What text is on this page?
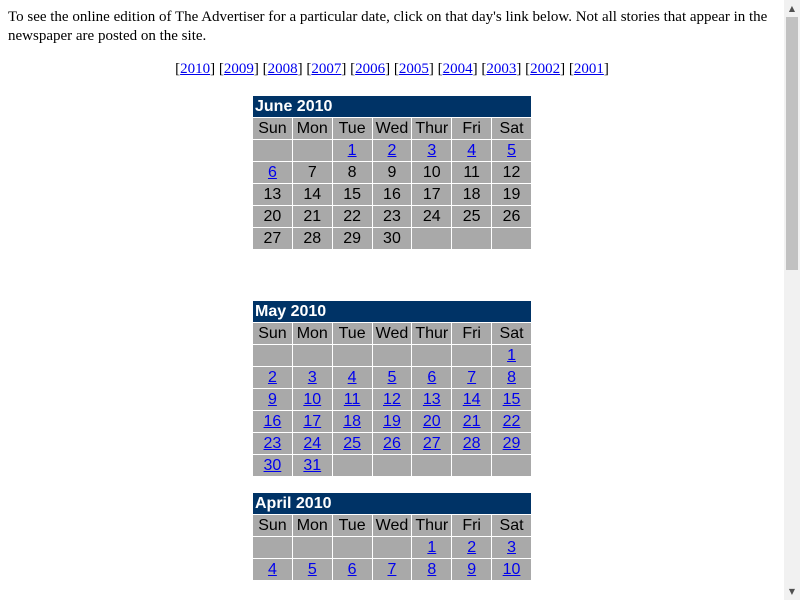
To see the online edition of The Advertiser for a particular date, click on that day's link below. Not all stories that appear in the newspaper are posted on the site.

[2010] [2009] [2008] [2007] [2006] [2005] [2004] [2003] [2002] [2001]
June 2010						
Sun	Mon	Tue	Wed	Thur	Fri	Sat
		1	2	3	4	5
6	7	8	9	10	11	12
13	14	15	16	17	18	19
20	21	22	23	24	25	26
27	28	29	30			
May 2010						
Sun	Mon	Tue	Wed	Thur	Fri	Sat
						1
2	3	4	5	6	7	8
9	10	11	12	13	14	15
16	17	18	19	20	21	22
23	24	25	26	27	28	29
30	31					
April 2010						
Sun	Mon	Tue	Wed	Thur	Fri	Sat
				1	2	3
4	5	6	7	8	9	10
▲
▼
